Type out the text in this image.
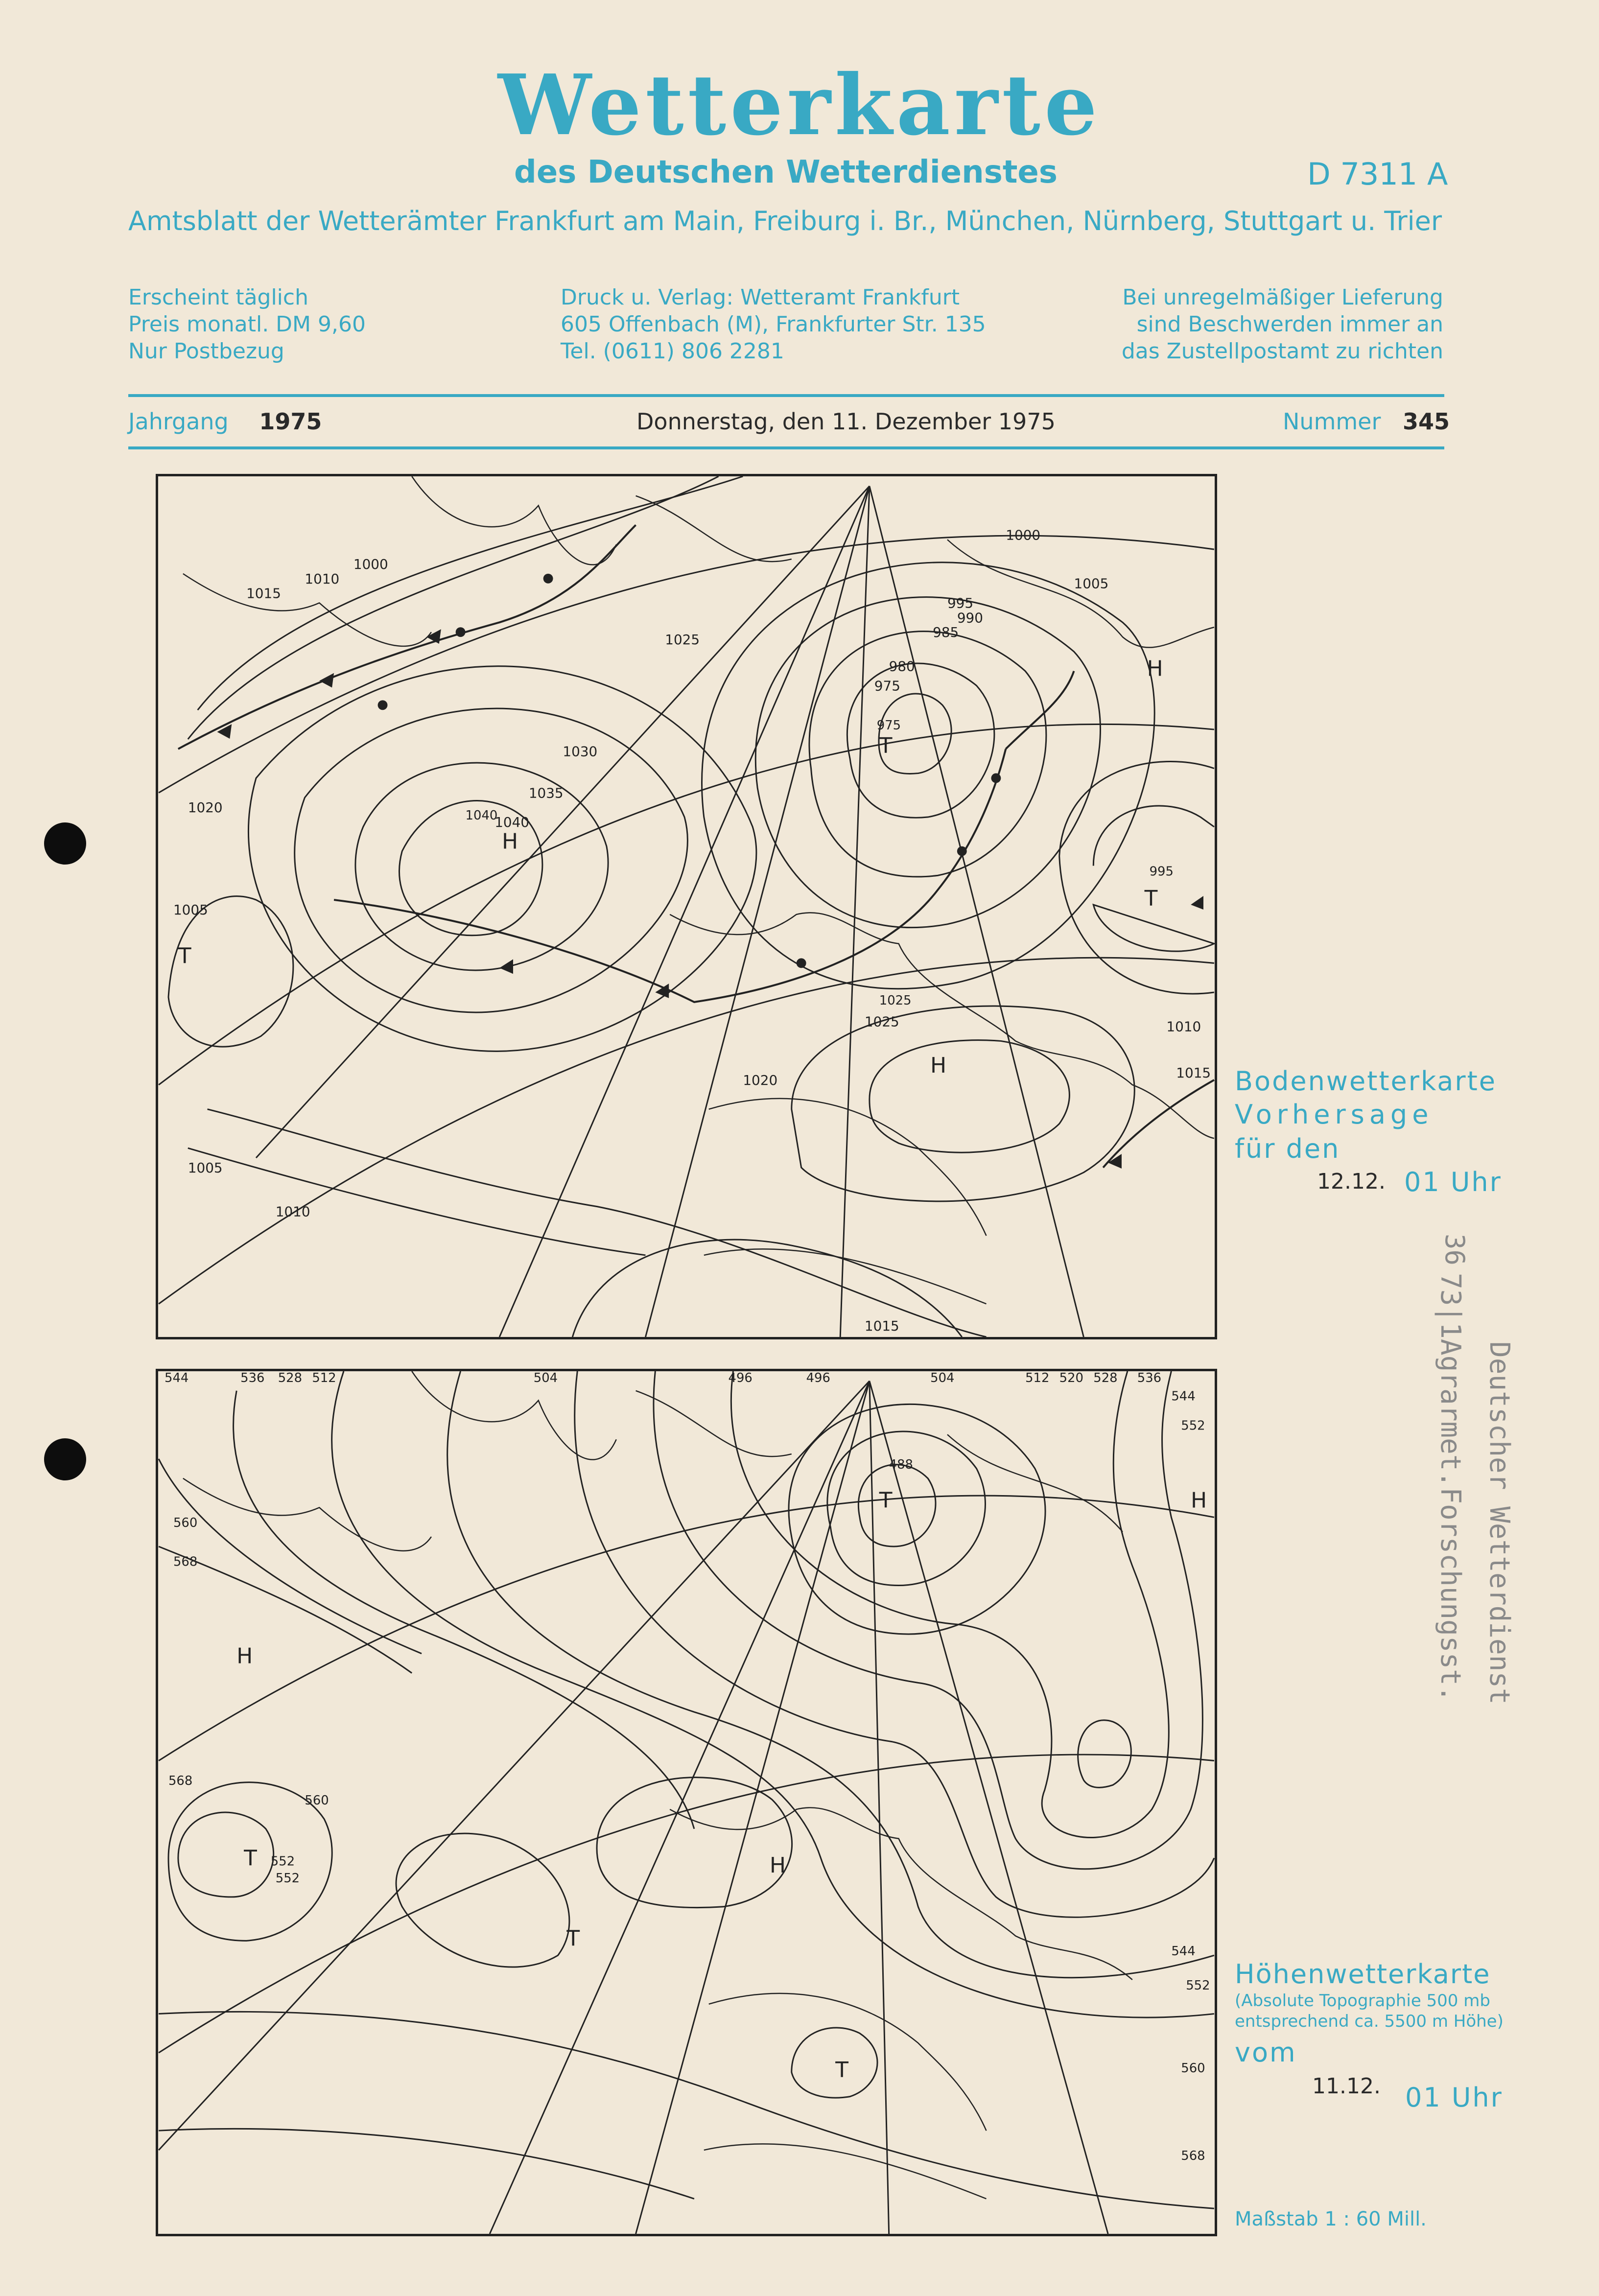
Wetterkarte
des Deutschen Wetterdienstes	D 7311 A
Amtsblatt der Wetterämter Frankfurt am Main, Freiburg i. Br., München, Nürnberg, Stuttgart u. Trier
Erscheint täglich
Preis monatl. DM 9,60
Nur Postbezug
Druck u. Verlag: Wetteramt Frankfurt
605 Offenbach (M), Frankfurter Str. 135
Tel. (0611) 806 2281
Bei unregelmäßiger Lieferung
sind Beschwerden immer an
das Zustellpostamt zu richten
Jahrgang 1975	Donnerstag, den 11. Dezember 1975	Nummer 345
1000
1015
1010
1020
1005
1025
1030
1035
1040
995
990
985
980
975
1000
1005
1010
1015
1020
1025
1015
1010
1005
H
1040
T
975
T
995
T
H
1025
H
Bodenwetterkarte
Vorhersage
für den
12.12. 01 Uhr
544	536 528 512	504	496	496	504	512 520 528 536
544
552
560
568
568
560
552
544
552
560
568
H
T 552
T
488
H
T
T
H
Höhenwetterkarte
(Absolute Topographie 500 mb
entsprechend ca. 5500 m Höhe)
vom
11.12. 01 Uhr
Maßstab 1 : 60 Mill.
36
73|1Agrarmet.Forschungsst. Deutscher Wetterdienst
